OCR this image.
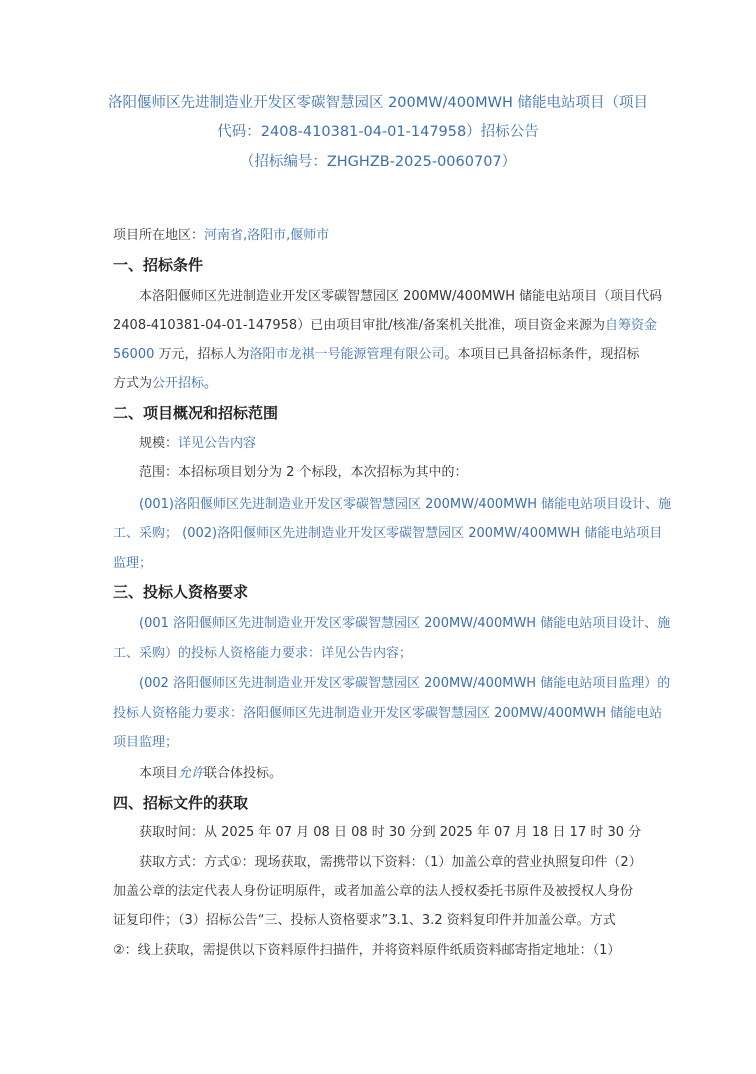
洛阳偃师区先进制造业开发区零碳智慧园区 200MW/400MWH 储能电站项目（项目
代码：2408-410381-04-01-147958）招标公告
（招标编号：ZHGHZB-2025-0060707）
项目所在地区：河南省,洛阳市,偃师市
一、招标条件
本洛阳偃师区先进制造业开发区零碳智慧园区 200MW/400MWH 储能电站项目（项目代码
2408-410381-04-01-147958）已由项目审批/核准/备案机关批准，项目资金来源为自筹资金
56000 万元，招标人为洛阳市龙祺一号能源管理有限公司。本项目已具备招标条件，现招标
方式为公开招标。
二、项目概况和招标范围
规模：详见公告内容
范围：本招标项目划分为 2 个标段，本次招标为其中的：
(001)洛阳偃师区先进制造业开发区零碳智慧园区 200MW/400MWH 储能电站项目设计、施
工、采购； (002)洛阳偃师区先进制造业开发区零碳智慧园区 200MW/400MWH 储能电站项目
监理；
三、投标人资格要求
(001 洛阳偃师区先进制造业开发区零碳智慧园区 200MW/400MWH 储能电站项目设计、施
工、采购）的投标人资格能力要求：详见公告内容；
(002 洛阳偃师区先进制造业开发区零碳智慧园区 200MW/400MWH 储能电站项目监理）的
投标人资格能力要求：洛阳偃师区先进制造业开发区零碳智慧园区 200MW/400MWH 储能电站
项目监理；
本项目允许联合体投标。
四、招标文件的获取
获取时间：从 2025 年 07 月 08 日 08 时 30 分到 2025 年 07 月 18 日 17 时 30 分
获取方式：方式①：现场获取，需携带以下资料：（1）加盖公章的营业执照复印件（2）
加盖公章的法定代表人身份证明原件，或者加盖公章的法人授权委托书原件及被授权人身份
证复印件；（3）招标公告“三、投标人资格要求”3.1、3.2 资料复印件并加盖公章。方式
②：线上获取，需提供以下资料原件扫描件，并将资料原件纸质资料邮寄指定地址：（1）
